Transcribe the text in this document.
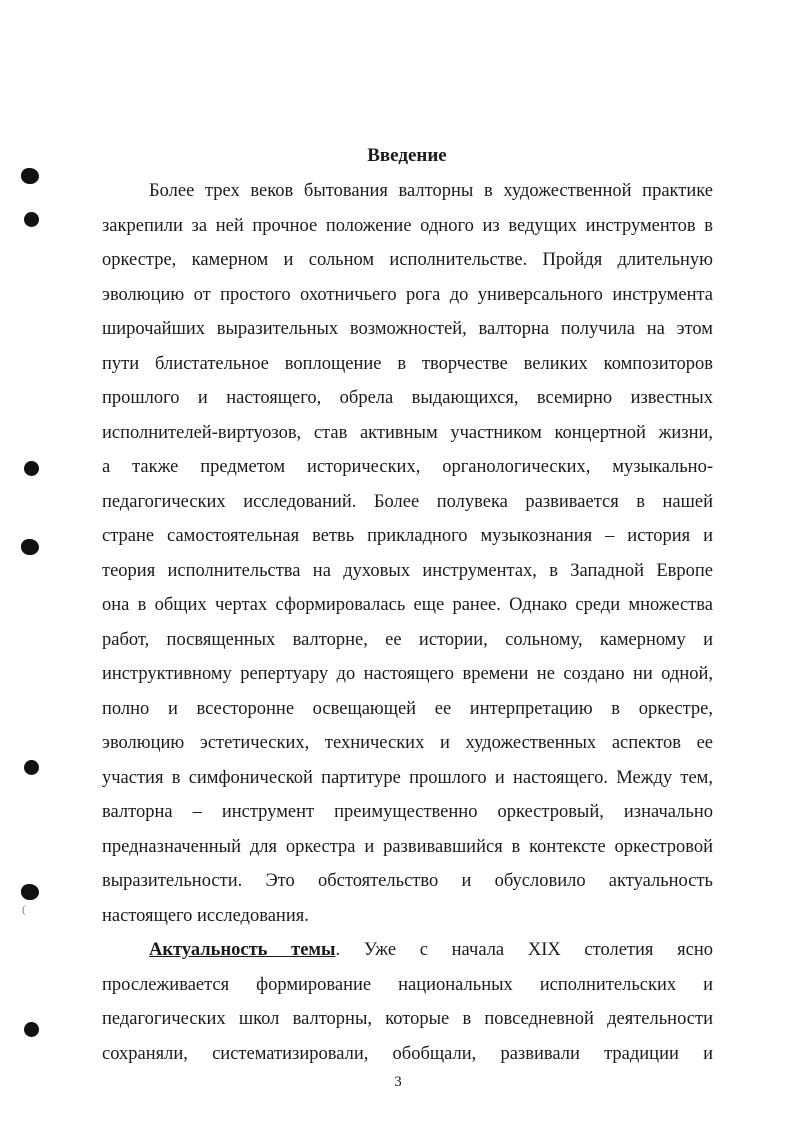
(
Введение
Более трех веков бытования валторны в художественной практике
закрепили за ней прочное положение одного из ведущих инструментов в
оркестре, камерном и сольном исполнительстве. Пройдя длительную
эволюцию от простого охотничьего рога до универсального инструмента
широчайших выразительных возможностей, валторна получила на этом
пути блистательное воплощение в творчестве великих композиторов
прошлого и настоящего, обрела выдающихся, всемирно известных
исполнителей-виртуозов, став активным участником концертной жизни,
а также предметом исторических, органологических, музыкально-
педагогических исследований. Более полувека развивается в нашей
стране самостоятельная ветвь прикладного музыкознания – история и
теория исполнительства на духовых инструментах, в Западной Европе
она в общих чертах сформировалась еще ранее. Однако среди множества
работ, посвященных валторне, ее истории, сольному, камерному и
инструктивному репертуару до настоящего времени не создано ни одной,
полно и всесторонне освещающей ее интерпретацию в оркестре,
эволюцию эстетических, технических и художественных аспектов ее
участия в симфонической партитуре прошлого и настоящего. Между тем,
валторна – инструмент преимущественно оркестровый, изначально
предназначенный для оркестра и развивавшийся в контексте оркестровой
выразительности. Это обстоятельство и обусловило актуальность
настоящего исследования.
Актуальность темы. Уже с начала XIX столетия ясно
прослеживается формирование национальных исполнительских и
педагогических школ валторны, которые в повседневной деятельности
сохраняли, систематизировали, обобщали, развивали традиции и
3
